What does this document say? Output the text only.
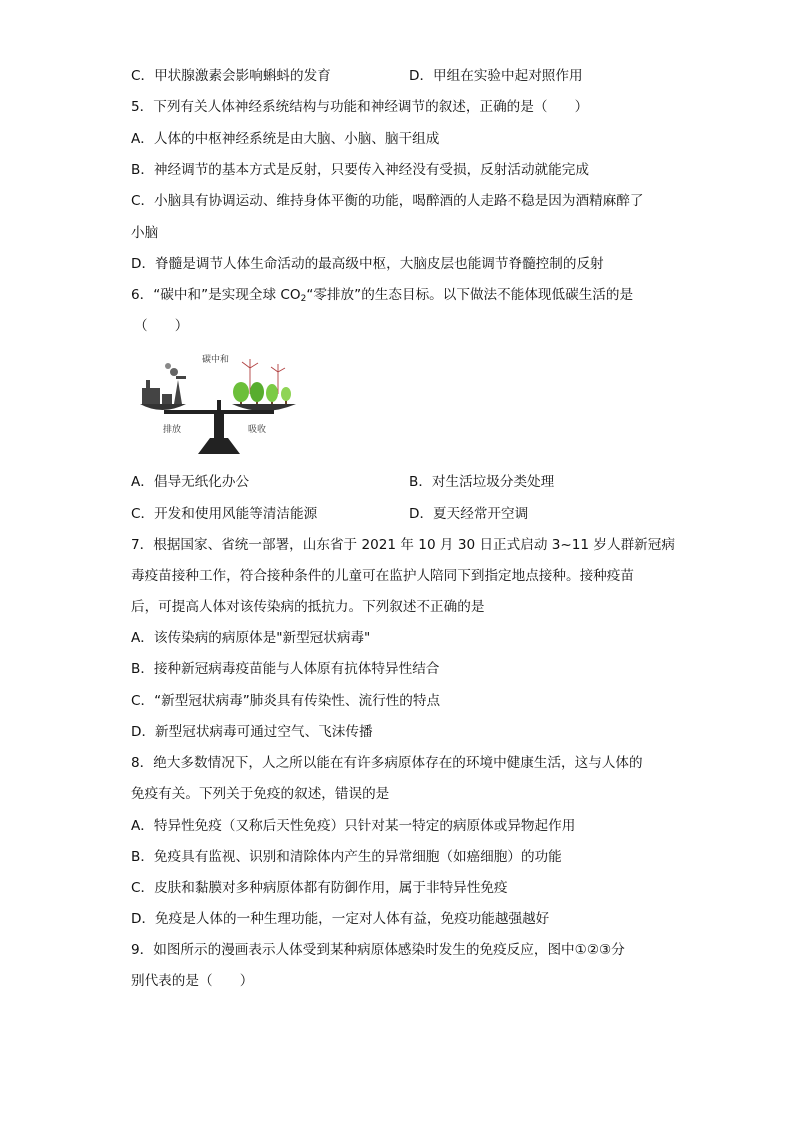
C．甲状腺激素会影响蝌蚪的发育	D．甲组在实验中起对照作用
5．下列有关人体神经系统结构与功能和神经调节的叙述，正确的是（　　）
A．人体的中枢神经系统是由大脑、小脑、脑干组成
B．神经调节的基本方式是反射，只要传入神经没有受损，反射活动就能完成
C．小脑具有协调运动、维持身体平衡的功能，喝醉酒的人走路不稳是因为酒精麻醉了
小脑
D．脊髓是调节人体生命活动的最高级中枢，大脑皮层也能调节脊髓控制的反射
6．“碳中和”是实现全球 $CO_2“$零排放”的生态目标。以下做法不能体现低碳生活的是
（　　）
碳中和
排放	吸收
A．倡导无纸化办公	B．对生活垃圾分类处理
C．开发和使用风能等清洁能源	D．夏天经常开空调
7．根据国家、省统一部署，山东省于 2021 年 10 月 30 日正式启动 3~11 岁人群新冠病
毒疫苗接种工作，符合接种条件的儿童可在监护人陪同下到指定地点接种。接种疫苗
后，可提高人体对该传染病的抵抗力。下列叙述不正确的是
A．该传染病的病原体是"新型冠状病毒"
B．接种新冠病毒疫苗能与人体原有抗体特异性结合
C．“新型冠状病毒”肺炎具有传染性、流行性的特点
D．新型冠状病毒可通过空气、飞沫传播
8．绝大多数情况下，人之所以能在有许多病原体存在的环境中健康生活，这与人体的
免疫有关。下列关于免疫的叙述，错误的是
A．特异性免疫（又称后天性免疫）只针对某一特定的病原体或异物起作用
B．免疫具有监视、识别和清除体内产生的异常细胞（如癌细胞）的功能
C．皮肤和黏膜对多种病原体都有防御作用，属于非特异性免疫
D．免疫是人体的一种生理功能，一定对人体有益，免疫功能越强越好
9．如图所示的漫画表示人体受到某种病原体感染时发生的免疫反应，图中①②③分
别代表的是（　　）
